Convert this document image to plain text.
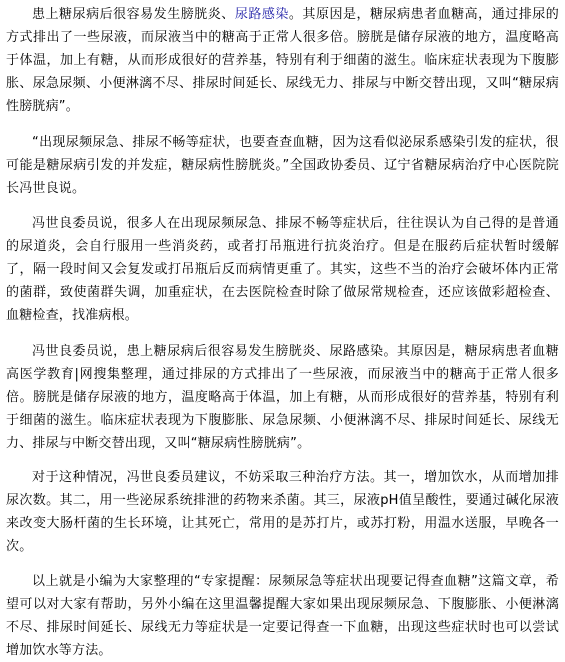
患上糖尿病后很容易发生膀胱炎、尿路感染。其原因是，糖尿病患者血糖高，通过排尿的方式排出了一些尿液，而尿液当中的糖高于正常人很多倍。膀胱是储存尿液的地方，温度略高于体温，加上有糖，从而形成很好的营养基，特别有利于细菌的滋生。临床症状表现为下腹膨胀、尿急尿频、小便淋漓不尽、排尿时间延长、尿线无力、排尿与中断交替出现，又叫“糖尿病性膀胱病”。

“出现尿频尿急、排尿不畅等症状，也要查查血糖，因为这看似泌尿系感染引发的症状，很可能是糖尿病引发的并发症，糖尿病性膀胱炎。”全国政协委员、辽宁省糖尿病治疗中心医院院长冯世良说。

冯世良委员说，很多人在出现尿频尿急、排尿不畅等症状后，往往误认为自己得的是普通的尿道炎，会自行服用一些消炎药，或者打吊瓶进行抗炎治疗。但是在服药后症状暂时缓解了，隔一段时间又会复发或打吊瓶后反而病情更重了。其实，这些不当的治疗会破坏体内正常的菌群，致使菌群失调，加重症状，在去医院检查时除了做尿常规检查，还应该做彩超检查、血糖检查，找准病根。

冯世良委员说，患上糖尿病后很容易发生膀胱炎、尿路感染。其原因是，糖尿病患者血糖高医学教育|网搜集整理，通过排尿的方式排出了一些尿液，而尿液当中的糖高于正常人很多倍。膀胱是储存尿液的地方，温度略高于体温，加上有糖，从而形成很好的营养基，特别有利于细菌的滋生。临床症状表现为下腹膨胀、尿急尿频、小便淋漓不尽、排尿时间延长、尿线无力、排尿与中断交替出现，又叫“糖尿病性膀胱病”。

对于这种情况，冯世良委员建议，不妨采取三种治疗方法。其一，增加饮水，从而增加排尿次数。其二，用一些泌尿系统排泄的药物来杀菌。其三，尿液pH值呈酸性，要通过碱化尿液来改变大肠杆菌的生长环境，让其死亡，常用的是苏打片，或苏打粉，用温水送服，早晚各一次。

以上就是小编为大家整理的“专家提醒：尿频尿急等症状出现要记得查血糖”这篇文章，希望可以对大家有帮助，另外小编在这里温馨提醒大家如果出现尿频尿急、下腹膨胀、小便淋漓不尽、排尿时间延长、尿线无力等症状是一定要记得查一下血糖，出现这些症状时也可以尝试增加饮水等方法。
